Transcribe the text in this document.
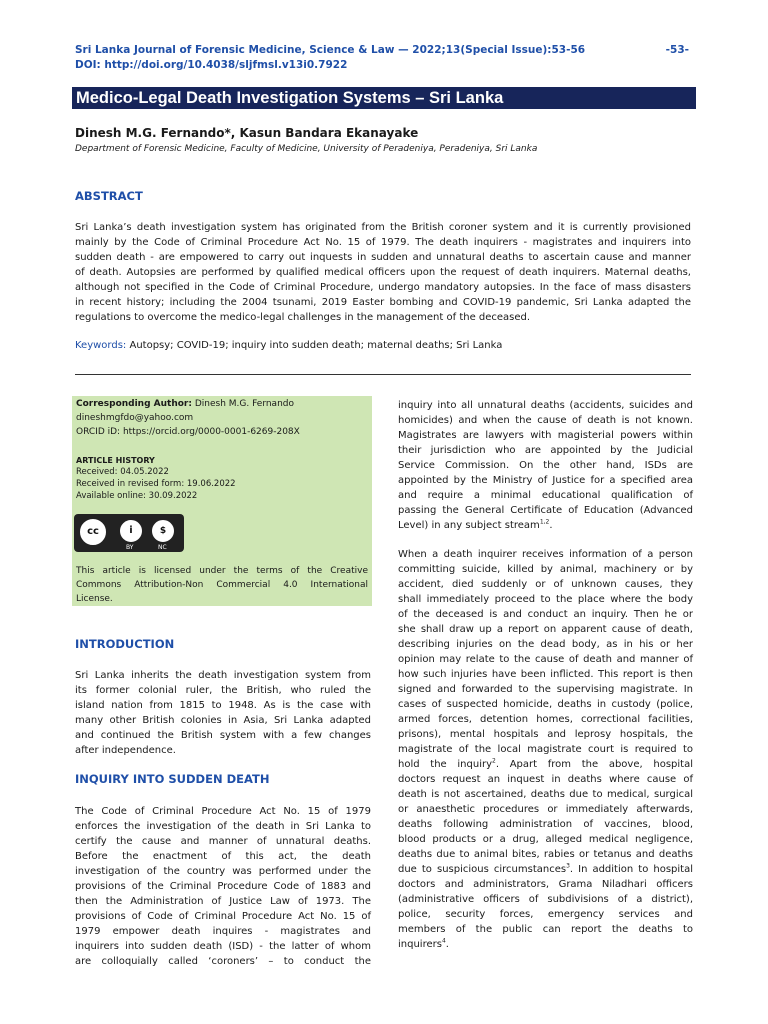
Sri Lanka Journal of Forensic Medicine, Science & Law — 2022;13(Special Issue):53-56
DOI: http://doi.org/10.4038/sljfmsl.v13i0.7922
-53-
Medico-Legal Death Investigation Systems – Sri Lanka
Dinesh M.G. Fernando*, Kasun Bandara Ekanayake
Department of Forensic Medicine, Faculty of Medicine, University of Peradeniya, Peradeniya, Sri Lanka
ABSTRACT
Sri Lanka’s death investigation system has originated from the British coroner system and it is currently provisioned
mainly by the Code of Criminal Procedure Act No. 15 of 1979. The death inquirers - magistrates and inquirers into
sudden death - are empowered to carry out inquests in sudden and unnatural deaths to ascertain cause and manner
of death. Autopsies are performed by qualified medical officers upon the request of death inquirers. Maternal deaths,
although not specified in the Code of Criminal Procedure, undergo mandatory autopsies. In the face of mass disasters
in recent history; including the 2004 tsunami, 2019 Easter bombing and COVID-19 pandemic, Sri Lanka adapted the
regulations to overcome the medico-legal challenges in the management of the deceased.
Keywords: Autopsy; COVID-19; inquiry into sudden death; maternal deaths; Sri Lanka
Corresponding Author: Dinesh M.G. Fernando
dineshmgfdo@yahoo.com
ORCID iD: https://orcid.org/0000-0001-6269-208X
ARTICLE HISTORY
Received: 04.05.2022
Received in revised form: 19.06.2022
Available online: 30.09.2022
cc	i	$
BY	NC
This article is licensed under the terms of the Creative
Commons Attribution-Non Commercial 4.0 International
License.
INTRODUCTION
Sri Lanka inherits the death investigation system from
its former colonial ruler, the British, who ruled the
island nation from 1815 to 1948. As is the case with
many other British colonies in Asia, Sri Lanka adapted
and continued the British system with a few changes
after independence.
INQUIRY INTO SUDDEN DEATH
The Code of Criminal Procedure Act No. 15 of 1979
enforces the investigation of the death in Sri Lanka to
certify the cause and manner of unnatural deaths.
Before the enactment of this act, the death
investigation of the country was performed under the
provisions of the Criminal Procedure Code of 1883 and
then the Administration of Justice Law of 1973. The
provisions of Code of Criminal Procedure Act No. 15 of
1979 empower death inquires - magistrates and
inquirers into sudden death (ISD) - the latter of whom
are colloquially called ‘coroners’ – to conduct the
inquiry into all unnatural deaths (accidents, suicides and
homicides) and when the cause of death is not known.
Magistrates are lawyers with magisterial powers within
their jurisdiction who are appointed by the Judicial
Service Commission. On the other hand, ISDs are
appointed by the Ministry of Justice for a specified area
and require a minimal educational qualification of
passing the General Certificate of Education (Advanced
Level) in any subject stream$^{1,2}$.
When a death inquirer receives information of a person
committing suicide, killed by animal, machinery or by
accident, died suddenly or of unknown causes, they
shall immediately proceed to the place where the body
of the deceased is and conduct an inquiry. Then he or
she shall draw up a report on apparent cause of death,
describing injuries on the dead body, as in his or her
opinion may relate to the cause of death and manner of
how such injuries have been inflicted. This report is then
signed and forwarded to the supervising magistrate. In
cases of suspected homicide, deaths in custody (police,
armed forces, detention homes, correctional facilities,
prisons), mental hospitals and leprosy hospitals, the
magistrate of the local magistrate court is required to
hold the inquiry$^2$. Apart from the above, hospital
doctors request an inquest in deaths where cause of
death is not ascertained, deaths due to medical, surgical
or anaesthetic procedures or immediately afterwards,
deaths following administration of vaccines, blood,
blood products or a drug, alleged medical negligence,
deaths due to animal bites, rabies or tetanus and deaths
due to suspicious circumstances$^3$. In addition to hospital
doctors and administrators, Grama Niladhari officers
(administrative officers of subdivisions of a district),
police, security forces, emergency services and
members of the public can report the deaths to
inquirers$^4$.
